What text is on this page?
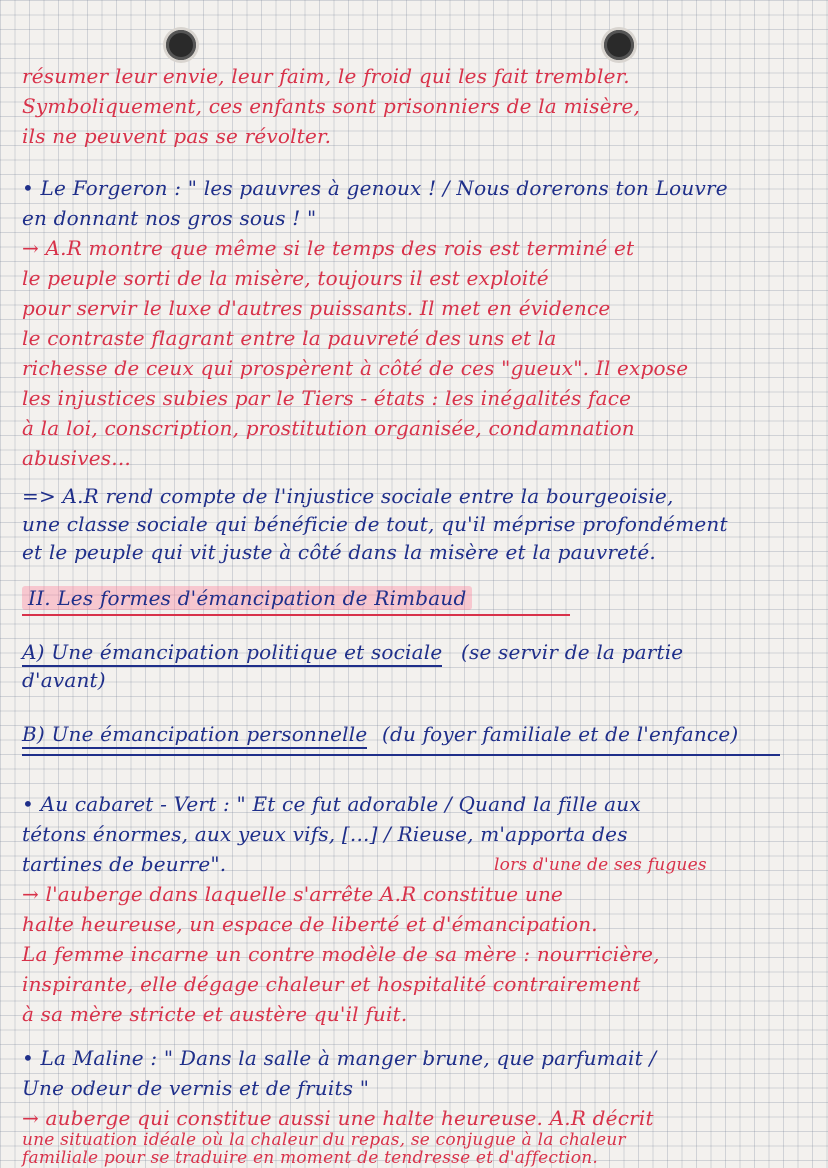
résumer leur envie, leur faim, le froid qui les fait trembler.
Symboliquement, ces enfants sont prisonniers de la misère,
ils ne peuvent pas se révolter.
• Le Forgeron : " les pauvres à genoux ! / Nous dorerons ton Louvre
en donnant nos gros sous ! "
→ A.R montre que même si le temps des rois est terminé et
le peuple sorti de la misère, toujours il est exploité
pour servir le luxe d'autres puissants. Il met en évidence
le contraste flagrant entre la pauvreté des uns et la
richesse de ceux qui prospèrent à côté de ces "gueux". Il expose
les injustices subies par le Tiers - états : les inégalités face
à la loi, conscription, prostitution organisée, condamnation
abusives...
=> A.R rend compte de l'injustice sociale entre la bourgeoisie,
une classe sociale qui bénéficie de tout, qu'il méprise profondément
et le peuple qui vit juste à côté dans la misère et la pauvreté.
II. Les formes d'émancipation de Rimbaud
A) Une émancipation politique et sociale (se servir de la partie
d'avant)
B) Une émancipation personnelle (du foyer familiale et de l'enfance)
• Au cabaret - Vert : " Et ce fut adorable / Quand la fille aux
tétons énormes, aux yeux vifs, [...] / Rieuse, m'apporta des
tartines de beurre".	lors d'une de ses fugues
→ l'auberge dans laquelle s'arrête A.R constitue une
halte heureuse, un espace de liberté et d'émancipation.
La femme incarne un contre modèle de sa mère : nourricière,
inspirante, elle dégage chaleur et hospitalité contrairement
à sa mère stricte et austère qu'il fuit.
• La Maline : " Dans la salle à manger brune, que parfumait /
Une odeur de vernis et de fruits "
→ auberge qui constitue aussi une halte heureuse. A.R décrit
une situation idéale où la chaleur du repas, se conjugue à la chaleur
familiale pour se traduire en moment de tendresse et d'affection.
